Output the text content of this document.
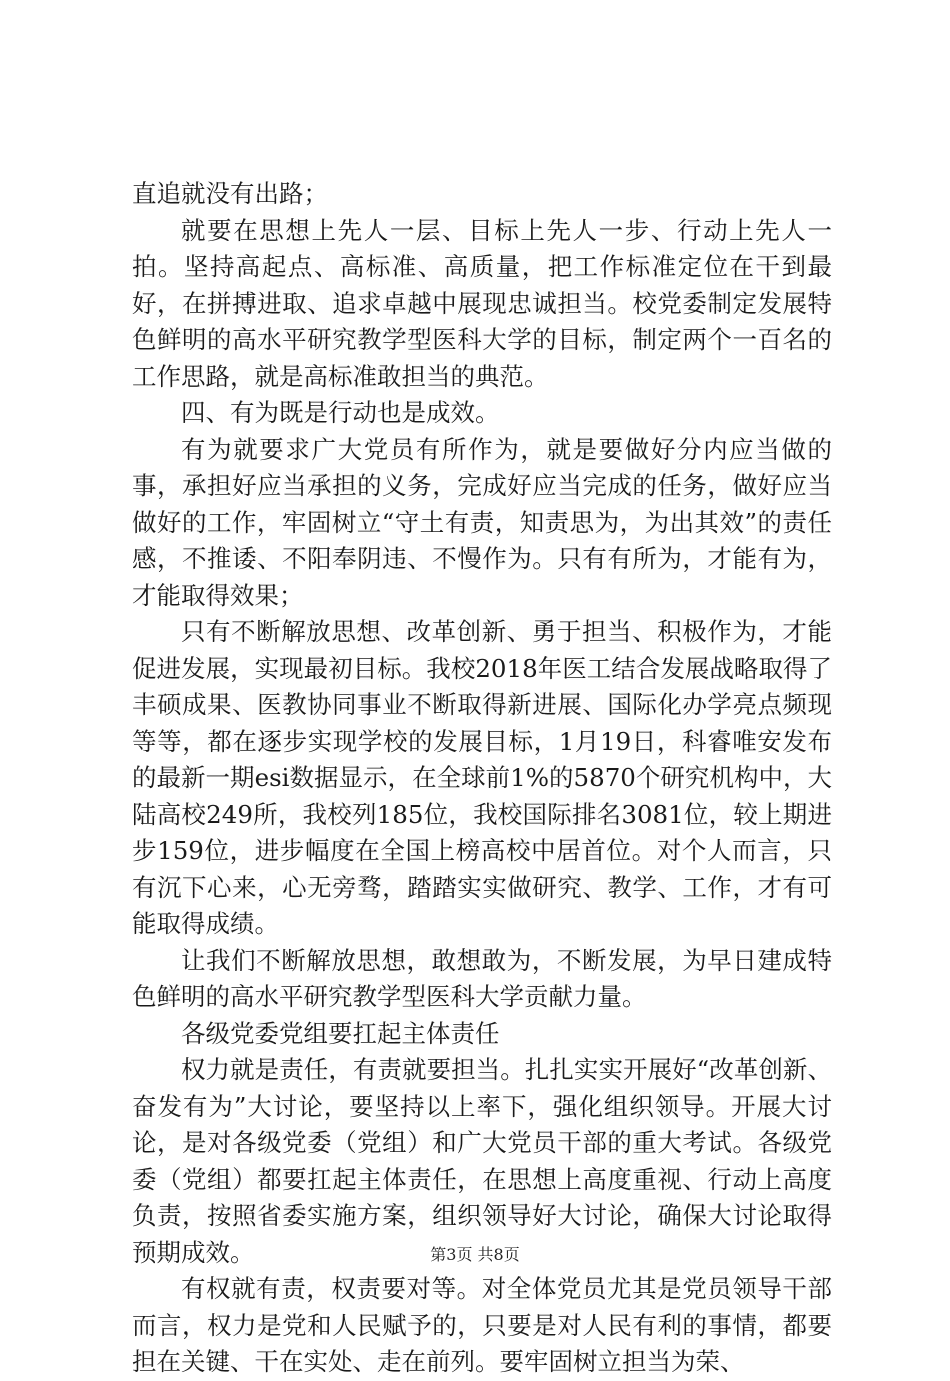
直追就没有出路；

就要在思想上先人一层、目标上先人一步、行动上先人一拍。坚持高起点、高标准、高质量，把工作标准定位在干到最好，在拼搏进取、追求卓越中展现忠诚担当。校党委制定发展特色鲜明的高水平研究教学型医科大学的目标，制定两个一百名的工作思路，就是高标准敢担当的典范。

四、有为既是行动也是成效。

有为就要求广大党员有所作为，就是要做好分内应当做的事，承担好应当承担的义务，完成好应当完成的任务，做好应当做好的工作，牢固树立“守土有责，知责思为，为出其效”的责任感，不推诿、不阳奉阴违、不慢作为。只有有所为，才能有为，才能取得效果；

只有不断解放思想、改革创新、勇于担当、积极作为，才能促进发展，实现最初目标。我校2018年医工结合发展战略取得了丰硕成果、医教协同事业不断取得新进展、国际化办学亮点频现等等，都在逐步实现学校的发展目标，1月19日，科睿唯安发布的最新一期esi数据显示，在全球前1%的5870个研究机构中，大陆高校249所，我校列185位，我校国际排名3081位，较上期进步159位，进步幅度在全国上榜高校中居首位。对个人而言，只有沉下心来，心无旁骛，踏踏实实做研究、教学、工作，才有可能取得成绩。

让我们不断解放思想，敢想敢为，不断发展，为早日建成特色鲜明的高水平研究教学型医科大学贡献力量。

各级党委党组要扛起主体责任

权力就是责任，有责就要担当。扎扎实实开展好“改革创新、奋发有为”大讨论，要坚持以上率下，强化组织领导。开展大讨论，是对各级党委（党组）和广大党员干部的重大考试。各级党委（党组）都要扛起主体责任，在思想上高度重视、行动上高度负责，按照省委实施方案，组织领导好大讨论，确保大讨论取得预期成效。

有权就有责，权责要对等。对全体党员尤其是党员领导干部而言，权力是党和人民赋予的，只要是对人民有利的事情，都要担在关键、干在实处、走在前列。要牢固树立担当为荣、

第3页 共8页
